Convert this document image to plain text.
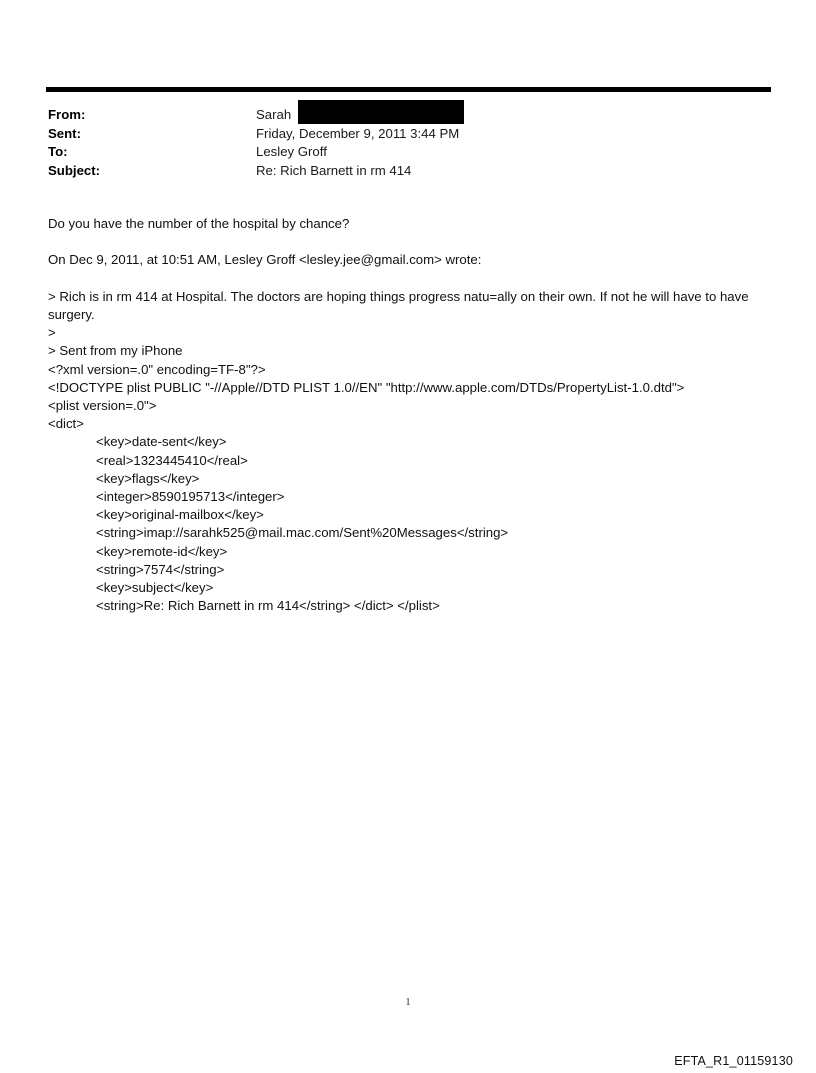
From:	Sarah
Sent:	Friday, December 9, 2011 3:44 PM
To:	Lesley Groff
Subject:	Re: Rich Barnett in rm 414
Do you have the number of the hospital by chance?
On Dec 9, 2011, at 10:51 AM, Lesley Groff <lesley.jee@gmail.com> wrote:
> Rich is in rm 414 at Hospital. The doctors are hoping things progress natu=ally on their own. If not he will have to have surgery.
>
> Sent from my iPhone
<?xml version=.0" encoding=TF-8"?>
<!DOCTYPE plist PUBLIC "-//Apple//DTD PLIST 1.0//EN" "http://www.apple.com/DTDs/PropertyList-1.0.dtd">
<plist version=.0">
<dict>
<key>date-sent</key>
<real>1323445410</real>
<key>flags</key>
<integer>8590195713</integer>
<key>original-mailbox</key>
<string>imap://sarahk525@mail.mac.com/Sent%20Messages</string>
<key>remote-id</key>
<string>7574</string>
<key>subject</key>
<string>Re: Rich Barnett in rm 414</string> </dict> </plist>
1
EFTA_R1_01159130
